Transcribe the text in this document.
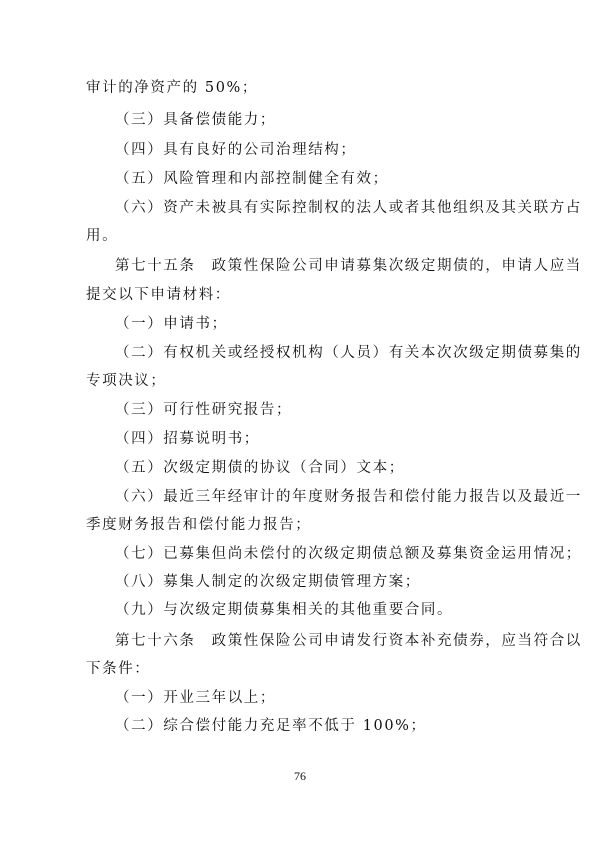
审计的净资产的 50%；
（三）具备偿债能力；
（四）具有良好的公司治理结构；
（五）风险管理和内部控制健全有效；
（六）资产未被具有实际控制权的法人或者其他组织及其关联方占
用。
第七十五条　政策性保险公司申请募集次级定期债的，申请人应当
提交以下申请材料：
（一）申请书；
（二）有权机关或经授权机构（人员）有关本次次级定期债募集的
专项决议；
（三）可行性研究报告；
（四）招募说明书；
（五）次级定期债的协议（合同）文本；
（六）最近三年经审计的年度财务报告和偿付能力报告以及最近一
季度财务报告和偿付能力报告；
（七）已募集但尚未偿付的次级定期债总额及募集资金运用情况；
（八）募集人制定的次级定期债管理方案；
（九）与次级定期债募集相关的其他重要合同。
第七十六条　政策性保险公司申请发行资本补充债券，应当符合以
下条件：
（一）开业三年以上；
（二）综合偿付能力充足率不低于 100%；
76
